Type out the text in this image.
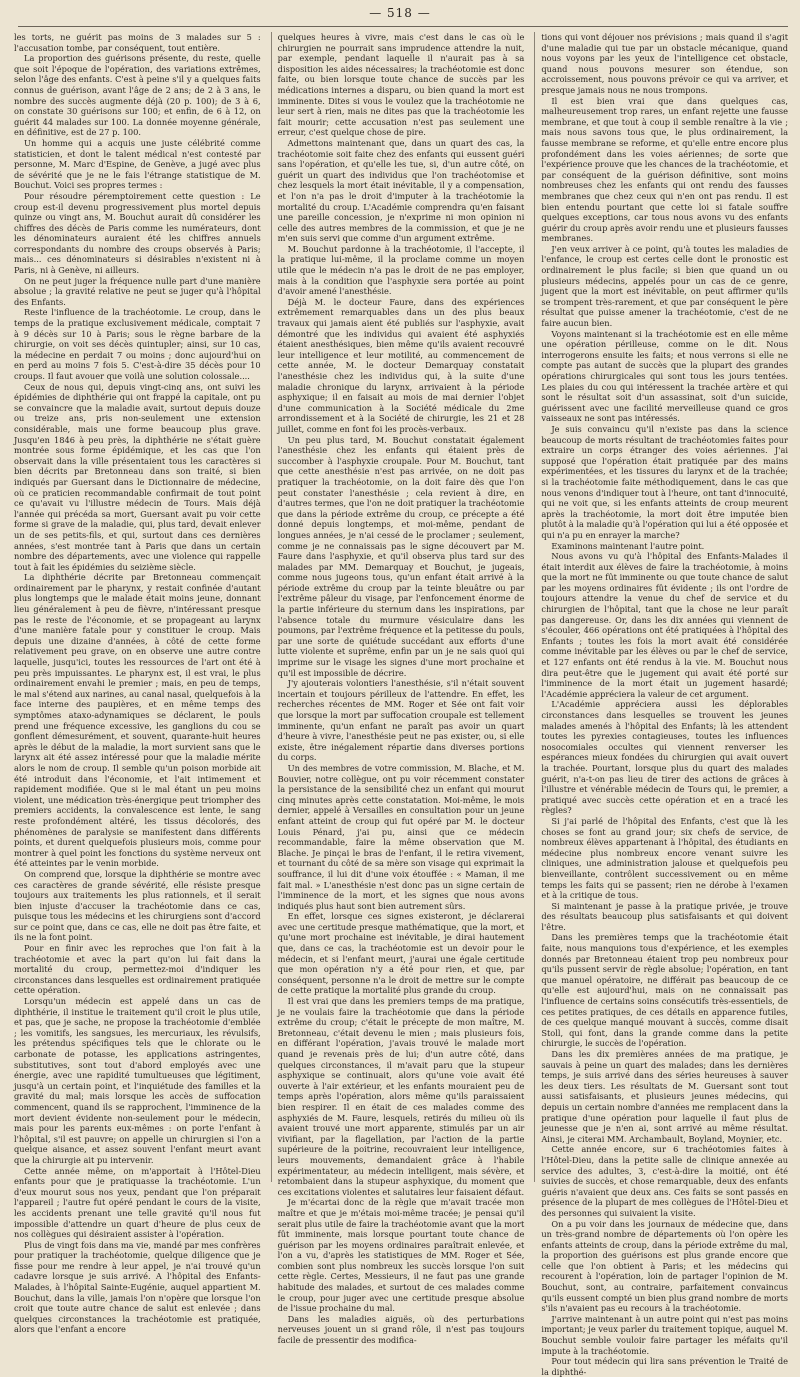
— 518 —

les torts, ne guérit pas moins de 3 malades sur 5 : l'accusation tombe, par conséquent, tout entière.

La proportion des guérisons présente, du reste, quelle que soit l'époque de l'opération, des variations extrêmes, selon l'âge des enfants. C'est à peine s'il y a quelques faits connus de guérison, avant l'âge de 2 ans; de 2 à 3 ans, le nombre des succès augmente déjà (20 p. 100); de 3 à 6, on constate 30 guérisons sur 100; et enfin, de 6 à 12, on guérit 44 malades sur 100. La donnée moyenne générale, en définitive, est de 27 p. 100.

Un homme qui a acquis une juste célébrité comme statisticien, et dont le talent médical n'est contesté par personne, M. Marc d'Espine, de Genève, a jugé avec plus de sévérité que je ne le fais l'étrange statistique de M. Bouchut. Voici ses propres termes :

Pour résoudre péremptoirement cette question : Le croup est-il devenu progressivement plus mortel depuis quinze ou vingt ans, M. Bouchut aurait dû considérer les chiffres des décès de Paris comme les numérateurs, dont les dénominateurs auraient été les chiffres annuels correspondants du nombre des croups observés à Paris; mais... ces dénominateurs si désirables n'existent ni à Paris, ni à Genève, ni ailleurs.

On ne peut juger la fréquence nulle part d'une manière absolue ; la gravité relative ne peut se juger qu'à l'hôpital des Enfants.

Reste l'influence de la trachéotomie. Le croup, dans le temps de la pratique exclusivement médicale, comptait 7 à 9 décès sur 10 à Paris; sous le règne barbare de la chirurgie, on voit ses décès quintupler; ainsi, sur 10 cas, la médecine en perdait 7 ou moins ; donc aujourd'hui on en perd au moins 7 fois 5. C'est-à-dire 35 décès pour 10 croups. Il faut avouer que voilà une solution colossale....

Ceux de nous qui, depuis vingt-cinq ans, ont suivi les épidémies de diphthérie qui ont frappé la capitale, ont pu se convaincre que la maladie avait, surtout depuis douze ou treize ans, pris non-seulement une extension considérable, mais une forme beaucoup plus grave. Jusqu'en 1846 à peu près, la diphthérie ne s'était guère montrée sous forme épidémique, et les cas que l'on observait dans la ville présentaient tous les caractères si bien décrits par Bretonneau dans son traité, si bien indiqués par Guersant dans le Dictionnaire de médecine, où ce praticien recommandable confirmait de tout point ce qu'avait vu l'illustre médecin de Tours. Mais déjà l'année qui précéda sa mort, Guersant avait pu voir cette forme si grave de la maladie, qui, plus tard, devait enlever un de ses petits-fils, et qui, surtout dans ces dernières années, s'est montrée tant à Paris que dans un certain nombre des départements, avec une violence qui rappelle tout à fait les épidémies du seizième siècle.

La diphthérie décrite par Bretonneau commençait ordinairement par le pharynx, y restait confinée d'autant plus longtemps que le malade était moins jeune, donnant lieu généralement à peu de fièvre, n'intéressant presque pas le reste de l'économie, et se propageant au larynx d'une manière fatale pour y constituer le croup. Mais depuis une dizaine d'années, à côté de cette forme relativement peu grave, on en observe une autre contre laquelle, jusqu'ici, toutes les ressources de l'art ont été à peu près impuissantes. Le pharynx est, il est vrai, le plus ordinairement envahi le premier ; mais, en peu de temps, le mal s'étend aux narines, au canal nasal, quelquefois à la face interne des paupières, et en même temps des symptômes ataxo-adynamiques se déclarent, le pouls prend une fréquence excessive, les ganglions du cou se gonflent démesurément, et souvent, quarante-huit heures après le début de la maladie, la mort survient sans que le larynx ait été assez intéressé pour que la maladie mérite alors le nom de croup. Il semble qu'un poison morbide ait été introduit dans l'économie, et l'ait intimement et rapidement modifiée. Que si le mal étant un peu moins violent, une médication très-énergique peut triompher des premiers accidents, la convalescence est lente, le sang reste profondément altéré, les tissus décolorés, des phénomènes de paralysie se manifestent dans différents points, et durent quelquefois plusieurs mois, comme pour montrer à quel point les fonctions du système nerveux ont été atteintes par le venin morbide.

On comprend que, lorsque la diphthérie se montre avec ces caractères de grande sévérité, elle résiste presque toujours aux traitements les plus rationnels, et il serait bien injuste d'accuser la trachéotomie dans ce cas, puisque tous les médecins et les chirurgiens sont d'accord sur ce point que, dans ce cas, elle ne doit pas être faite, et ils ne la font point.

Pour en finir avec les reproches que l'on fait à la trachéotomie et avec la part qu'on lui fait dans la mortalité du croup, permettez-moi d'indiquer les circonstances dans lesquelles est ordinairement pratiquée cette opération.

Lorsqu'un médecin est appelé dans un cas de diphthérie, il institue le traitement qu'il croit le plus utile, et pas, que je sache, ne propose la trachéotomie d'emblée ; les vomitifs, les sangsues, les mercuriaux, les révulsifs, les prétendus spécifiques tels que le chlorate ou le carbonate de potasse, les applications astringentes, substitutives, sont tout d'abord employés avec une énergie, avec une rapidité tumultueuses que légitiment, jusqu'à un certain point, et l'inquiétude des familles et la gravité du mal; mais lorsque les accès de suffocation commencent, quand ils se rapprochent, l'imminence de la mort devient évidente non-seulement pour le médecin, mais pour les parents eux-mêmes : on porte l'enfant à l'hôpital, s'il est pauvre; on appelle un chirurgien si l'on a quelque aisance, et assez souvent l'enfant meurt avant que la chirurgie ait pu intervenir.

Cette année même, on m'apportait à l'Hôtel-Dieu enfants pour que je pratiquasse la trachéotomie. L'un d'eux mourut sous nos yeux, pendant que l'on préparait l'appareil ; l'autre fut opéré pendant le cours de la visite, les accidents prenant une telle gravité qu'il nous fut impossible d'attendre un quart d'heure de plus ceux de nos collègues qui désiraient assister à l'opération.

Plus de vingt fois dans ma vie, mandé par mes confrères pour pratiquer la trachéotomie, quelque diligence que je fisse pour me rendre à leur appel, je n'ai trouvé qu'un cadavre lorsque je suis arrivé. A l'hôpital des Enfants-Malades, à l'hôpital Sainte-Eugénie, auquel appartient M. Bouchut, dans la ville, jamais l'on n'opère que lorsque l'on croit que toute autre chance de salut est enlevée ; dans quelques circonstances la trachéotomie est pratiquée, alors que l'enfant a encore

quelques heures à vivre, mais c'est dans le cas où le chirurgien ne pourrait sans imprudence attendre la nuit, par exemple, pendant laquelle il n'aurait pas à sa disposition les aides nécessaires; la trachéotomie est donc faite, ou bien lorsque toute chance de succès par les médications internes a disparu, ou bien quand la mort est imminente. Dites si vous le voulez que la trachéotomie ne leur sert à rien, mais ne dites pas que la trachéotomie les fait mourir; cette accusation n'est pas seulement une erreur, c'est quelque chose de pire.

Admettons maintenant que, dans un quart des cas, la trachéotomie soit faite chez des enfants qui eussent guéri sans l'opération, et qu'elle les tue, si, d'un autre côté, on guérit un quart des individus que l'on trachéotomise et chez lesquels la mort était inévitable, il y a compensation, et l'on n'a pas le droit d'imputer à la trachéotomie la mortalité du croup. L'Académie comprendra qu'en faisant une pareille concession, je n'exprime ni mon opinion ni celle des autres membres de la commission, et que je ne m'en suis servi que comme d'un argument extrême.

M. Bouchut pardonne à la trachéotomie, il l'accepte, il la pratique lui-même, il la proclame comme un moyen utile que le médecin n'a pas le droit de ne pas employer, mais à la condition que l'asphyxie sera portée au point d'avoir amené l'anesthésie.

Déjà M. le docteur Faure, dans des expériences extrêmement remarquables dans un des plus beaux travaux qui jamais aient été publiés sur l'asphyxie, avait démontré que les individus qui avaient été asphyxiés étaient anesthésiques, bien même qu'ils avaient recouvré leur intelligence et leur motilité, au commencement de cette année, M. le docteur Demarquay constatait l'anesthésie chez les individus qui, à la suite d'une maladie chronique du larynx, arrivaient à la période asphyxique; il en faisait au mois de mai dernier l'objet d'une communication à la Société médicale du 2me arrondissement et à la Société de chirurgie, les 21 et 28 juillet, comme en font foi les procès-verbaux.

Un peu plus tard, M. Bouchut constatait également l'anesthésie chez les enfants qui étaient près de succomber à l'asphyxie croupale. Pour M. Bouchut, tant que cette anesthésie n'est pas arrivée, on ne doit pas pratiquer la trachéotomie, on la doit faire dès que l'on peut constater l'anesthésie ; cela revient à dire, en d'autres termes, que l'on ne doit pratiquer la trachéotomie que dans la période extrême du croup, ce précepte a été donné depuis longtemps, et moi-même, pendant de longues années, je n'ai cessé de le proclamer ; seulement, comme je ne connaissais pas le signe découvert par M. Faure dans l'asphyxie, et qu'il observa plus tard sur des malades par MM. Demarquay et Bouchut, je jugeais, comme nous jugeons tous, qu'un enfant était arrivé à la période extrême du croup par la teinte bleuâtre ou par l'extrême pâleur du visage, par l'enfoncement énorme de la partie inférieure du sternum dans les inspirations, par l'absence totale du murmure vésiculaire dans les poumons, par l'extrême fréquence et la petitesse du pouls, par une sorte de quiétude succédant aux efforts d'une lutte violente et suprême, enfin par un je ne sais quoi qui imprime sur le visage les signes d'une mort prochaine et qu'il est impossible de décrire.

J'y ajouterais volontiers l'anesthésie, s'il n'était souvent incertain et toujours périlleux de l'attendre. En effet, les recherches récentes de MM. Roger et Sée ont fait voir que lorsque la mort par suffocation croupale est tellement imminente, qu'un enfant ne paraît pas avoir un quart d'heure à vivre, l'anesthésie peut ne pas exister, ou, si elle existe, être inégalement répartie dans diverses portions du corps.

Un des membres de votre commission, M. Blache, et M. Bouvier, notre collègue, ont pu voir récemment constater la persistance de la sensibilité chez un enfant qui mourut cinq minutes après cette constatation. Moi-même, le mois dernier, appelé à Versailles en consultation pour un jeune enfant atteint de croup qui fut opéré par M. le docteur Louis Pénard, j'ai pu, ainsi que ce médecin recommandable, faire la même observation que M. Blache. Je pinçai le bras de l'enfant, il le retira vivement, et tournant du côté de sa mère son visage qui exprimait la souffrance, il lui dit d'une voix étouffée : « Maman, il me fait mal. » L'anesthésie n'est donc pas un signe certain de l'imminence de la mort, et les signes que nous avons indiqués plus haut sont bien autrement sûrs.

En effet, lorsque ces signes existeront, je déclarerai avec une certitude presque mathématique, que la mort, et qu'une mort prochaine est inévitable, je dirai hautement que, dans ce cas, la trachéotomie est un devoir pour le médecin, et si l'enfant meurt, j'aurai une égale certitude que mon opération n'y a été pour rien, et que, par conséquent, personne n'a le droit de mettre sur le compte de cette pratique la mortalité plus grande du croup.

Il est vrai que dans les premiers temps de ma pratique, je ne voulais faire la trachéotomie que dans la période extrême du croup; c'était le précepte de mon maître, M. Bretonneau, c'était devenu le mien ; mais plusieurs fois, en différant l'opération, j'avais trouvé le malade mort quand je revenais près de lui; d'un autre côté, dans quelques circonstances, il m'avait paru que la stupeur asphyxique se continuait, alors qu'une voie avait été ouverte à l'air extérieur, et les enfants mouraient peu de temps après l'opération, alors même qu'ils paraissaient bien respirer. Il en était de ces malades comme des asphyxiés de M. Faure, lesquels, retirés du milieu où ils avaient trouvé une mort apparente, stimulés par un air vivifiant, par la flagellation, par l'action de la partie supérieure de la poitrine, recouvraient leur intelligence, leurs mouvements, demandaient grâce à l'habile expérimentateur, au médecin intelligent, mais sévère, et retombaient dans la stupeur asphyxique, du moment que ces excitations violentes et salutaires leur faisaient défaut.

Je m'écartai donc de la règle que m'avait tracée mon maître et que je m'étais moi-même tracée; je pensai qu'il serait plus utile de faire la trachéotomie avant que la mort fût imminente, mais lorsque pourtant toute chance de guérison par les moyens ordinaires paraîtrait enlevée, et l'on a vu, d'après les statistiques de MM. Roger et Sée, combien sont plus nombreux les succès lorsque l'on suit cette règle. Certes, Messieurs, il ne faut pas une grande habitude des malades, et surtout de ces malades comme le croup, pour juger avec une certitude presque absolue de l'issue prochaine du mal.

Dans les maladies aiguës, où des perturbations nerveuses jouent un si grand rôle, il n'est pas toujours facile de pressentir des modifica-

tions qui vont déjouer nos prévisions ; mais quand il s'agit d'une maladie qui tue par un obstacle mécanique, quand nous voyons par les yeux de l'intelligence cet obstacle, quand nous pouvons mesurer son étendue, son accroissement, nous pouvons prévoir ce qui va arriver, et presque jamais nous ne nous trompons.

Il est bien vrai que dans quelques cas, malheureusement trop rares, un enfant rejette une fausse membrane, et que tout à coup il semble renaître à la vie ; mais nous savons tous que, le plus ordinairement, la fausse membrane se reforme, et qu'elle entre encore plus profondément dans les voies aériennes; de sorte que l'expérience prouve que les chances de la trachéotomie, et par conséquent de la guérison définitive, sont moins nombreuses chez les enfants qui ont rendu des fausses membranes que chez ceux qui n'en ont pas rendu. Il est bien entendu pourtant que cette loi si fatale souffre quelques exceptions, car tous nous avons vu des enfants guérir du croup après avoir rendu une et plusieurs fausses membranes.

J'en veux arriver à ce point, qu'à toutes les maladies de l'enfance, le croup est certes celle dont le pronostic est ordinairement le plus facile; si bien que quand un ou plusieurs médecins, appelés pour un cas de ce genre, jugent que la mort est inévitable, on peut affirmer qu'ils se trompent très-rarement, et que par conséquent le père résultat que puisse amener la trachéotomie, c'est de ne faire aucun bien.

Voyons maintenant si la trachéotomie est en elle même une opération périlleuse, comme on le dit. Nous interrogerons ensuite les faits; et nous verrons si elle ne compte pas autant de succès que la plupart des grandes opérations chirurgicales qui sont tous les jours tentées. Les plaies du cou qui intéressent la trachée artère et qui sont le résultat soit d'un assassinat, soit d'un suicide, guérissent avec une facilité merveilleuse quand ce gros vaisseaux ne sont pas intéressés.

Je suis convaincu qu'il n'existe pas dans la science beaucoup de morts résultant de trachéotomies faites pour extraire un corps étranger des voies aériennes. J'ai supposé que l'opération était pratiquée par des mains expérimentées, et les tissures du larynx et de la trachée; si la trachéotomie faite méthodiquement, dans le cas que nous venons d'indiquer tout à l'heure, ont tant d'innocuité, qui ne voit que, si les enfants atteints de croup meurent après la trachéotomie, la mort doit être imputée bien plutôt à la maladie qu'à l'opération qui lui a été opposée et qui n'a pu en enrayer la marche?

Examinons maintenant l'autre point.

Nous avons vu qu'à l'hôpital des Enfants-Malades il était interdit aux élèves de faire la trachéotomie, à moins que la mort ne fût imminente ou que toute chance de salut par les moyens ordinaires fût évidente ; ils ont l'ordre de toujours attendre la venue du chef de service et du chirurgien de l'hôpital, tant que la chose ne leur paraît pas dangereuse. Or, dans les dix années qui viennent de s'écouler, 466 opérations ont été pratiquées à l'hôpital des Enfants ; toutes les fois la mort avait été considérée comme inévitable par les élèves ou par le chef de service, et 127 enfants ont été rendus à la vie. M. Bouchut nous dira peut-être que le jugement qui avait été porté sur l'imminence de la mort était un jugement hasardé; l'Académie appréciera la valeur de cet argument.

L'Académie appréciera aussi les déplorables circonstances dans lesquelles se trouvent les jeunes malades amenés à l'hôpital des Enfants; là les attendent toutes les pyrexies contagieuses, toutes les influences nosocomiales occultes qui viennent renverser les espérances mieux fondées du chirurgien qui avait ouvert la trachée. Pourtant, lorsque plus du quart des malades guérit, n'a-t-on pas lieu de tirer des actions de grâces à l'illustre et vénérable médecin de Tours qui, le premier, a pratiqué avec succès cette opération et en a tracé les règles?

Si j'ai parlé de l'hôpital des Enfants, c'est que là les choses se font au grand jour; six chefs de service, de nombreux élèves appartenant à l'hôpital, des étudiants en médecine plus nombreux encore venant suivre les cliniques, une administration jalouse et quelquefois peu bienveillante, contrôlent successivement ou en même temps les faits qui se passent; rien ne dérobe à l'examen et à la critique de tous.

Si maintenant je passe à la pratique privée, je trouve des résultats beaucoup plus satisfaisants et qui doivent l'être.

Dans les premières temps que la trachéotomie était faite, nous manquions tous d'expérience, et les exemples donnés par Bretonneau étaient trop peu nombreux pour qu'ils pussent servir de règle absolue; l'opération, en tant que manuel opératoire, ne différait pas beaucoup de ce qu'elle est aujourd'hui, mais on ne connaissait pas l'influence de certains soins consécutifs très-essentiels, de ces petites pratiques, de ces détails en apparence futiles, de ces quelque manqué mouvant à succès, comme disait Stoll, qui font, dans la grande comme dans la petite chirurgie, le succès de l'opération.

Dans les dix premières années de ma pratique, je sauvais à peine un quart des malades; dans les dernières temps, je suis arrivé dans des séries heureuses à sauver les deux tiers. Les résultats de M. Guersant sont tout aussi satisfaisants, et plusieurs jeunes médecins, qui depuis un certain nombre d'années me remplacent dans la pratique d'une opération pour laquelle il faut plus de jeunesse que je n'en ai, sont arrivé au même résultat. Ainsi, je citerai MM. Archambault, Boyland, Moynier, etc.

Cette année encore, sur 6 trachéotomies faites à l'Hôtel-Dieu, dans la petite salle de clinique annexée au service des adultes, 3, c'est-à-dire la moitié, ont été suivies de succès, et chose remarquable, deux des enfants guéris n'avaient que deux ans. Ces faits se sont passés en présence de la plupart de mes collègues de l'Hôtel-Dieu et des personnes qui suivaient la visite.

On a pu voir dans les journaux de médecine que, dans un très-grand nombre de départements où l'on opère les enfants atteints de croup, dans la période extrême du mal, la proportion des guérisons est plus grande encore que celle que l'on obtient à Paris; et les médecins qui recourent à l'opération, loin de partager l'opinion de M. Bouchut, sont, au contraire, parfaitement convaincus qu'ils eussent compté un bien plus grand nombre de morts s'ils n'avaient pas eu recours à la trachéotomie.

J'arrive maintenant à un autre point qui n'est pas moins important; je veux parler du traitement topique, auquel M. Bouchut semble vouloir faire partager les méfaits qu'il impute à la trachéotomie.

Pour tout médecin qui lira sans prévention le Traité de la diphthé-
